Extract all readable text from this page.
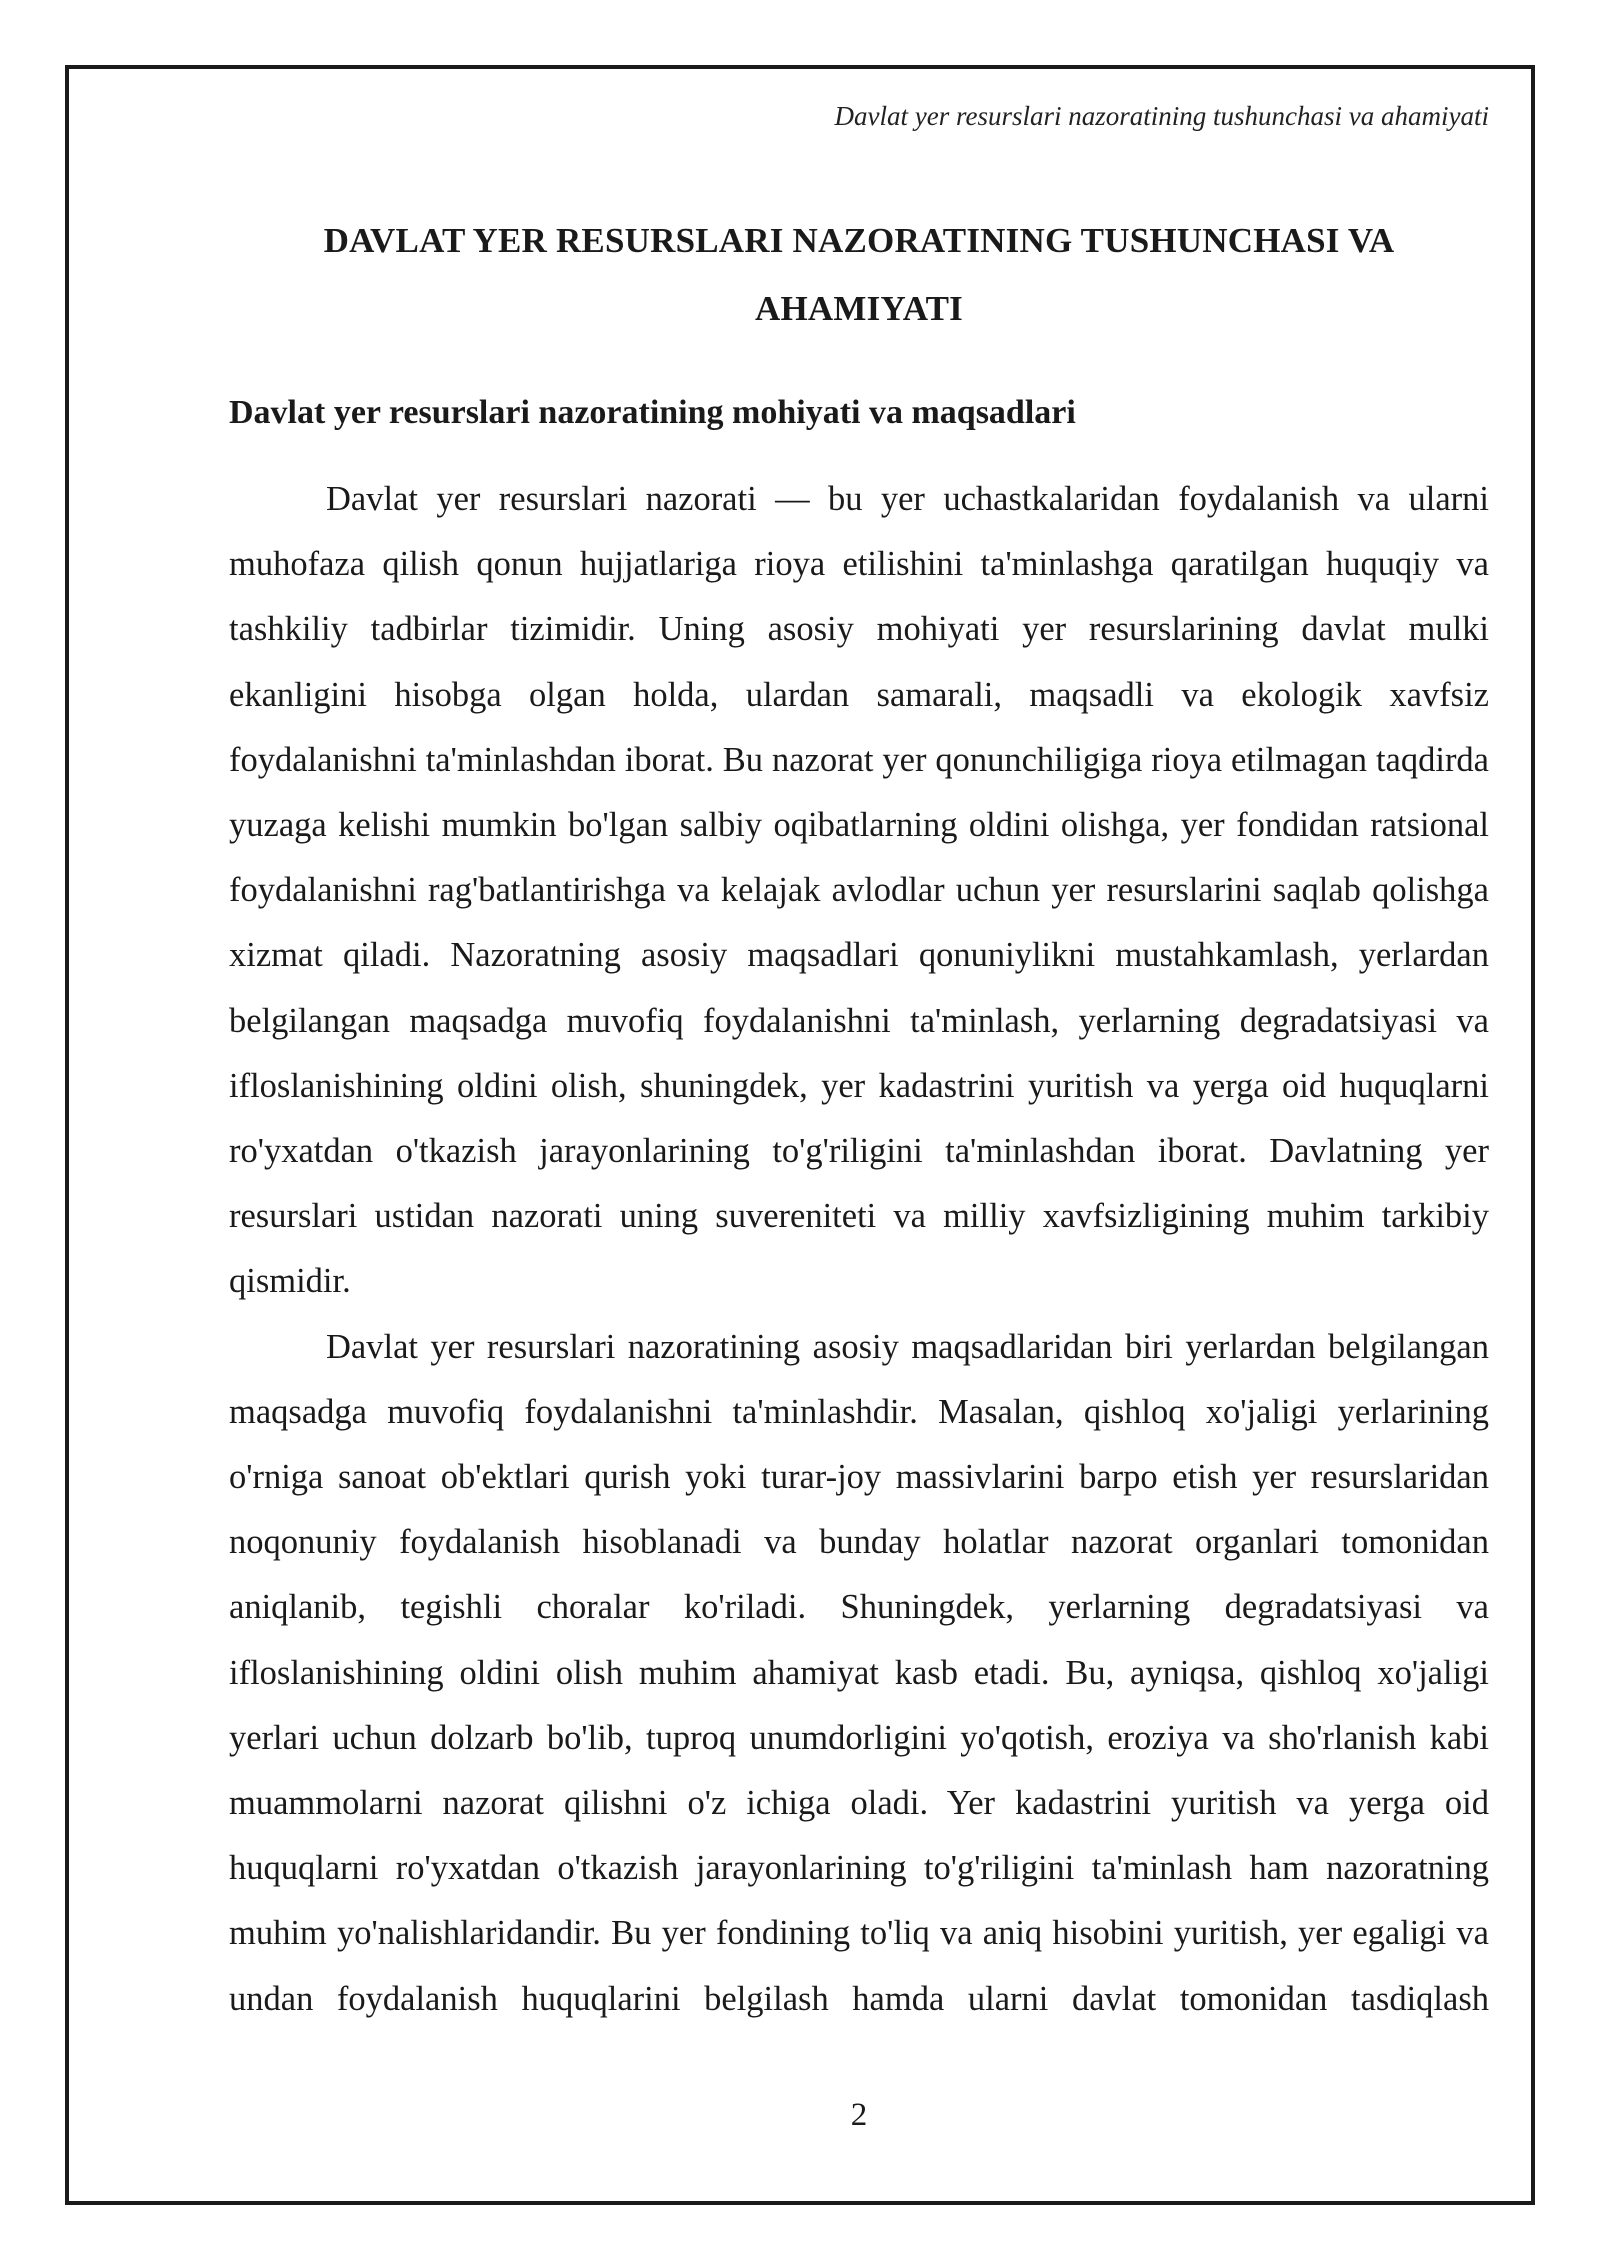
Davlat yer resurslari nazoratining tushunchasi va ahamiyati
DAVLAT YER RESURSLARI NAZORATINING TUSHUNCHASI VA AHAMIYATI
Davlat yer resurslari nazoratining mohiyati va maqsadlari

Davlat yer resurslari nazorati — bu yer uchastkalaridan foydalanish va ularni muhofaza qilish qonun hujjatlariga rioya etilishini ta'minlashga qaratilgan huquqiy va tashkiliy tadbirlar tizimidir. Uning asosiy mohiyati yer resurslarining davlat mulki ekanligini hisobga olgan holda, ulardan samarali, maqsadli va ekologik xavfsiz foydalanishni ta'minlashdan iborat. Bu nazorat yer qonunchiligiga rioya etilmagan taqdirda yuzaga kelishi mumkin bo'lgan salbiy oqibatlarning oldini olishga, yer fondidan ratsional foydalanishni rag'batlantirishga va kelajak avlodlar uchun yer resurslarini saqlab qolishga xizmat qiladi. Nazoratning asosiy maqsadlari qonuniylikni mustahkamlash, yerlardan belgilangan maqsadga muvofiq foydalanishni ta'minlash, yerlarning degradatsiyasi va ifloslanishining oldini olish, shuningdek, yer kadastrini yuritish va yerga oid huquqlarni ro'yxatdan o'tkazish jarayonlarining to'g'riligini ta'minlashdan iborat. Davlatning yer resurslari ustidan nazorati uning suvereniteti va milliy xavfsizligining muhim tarkibiy qismidir.

Davlat yer resurslari nazoratining asosiy maqsadlaridan biri yerlardan belgilangan maqsadga muvofiq foydalanishni ta'minlashdir. Masalan, qishloq xo'jaligi yerlarining o'rniga sanoat ob'ektlari qurish yoki turar-joy massivlarini barpo etish yer resurslaridan noqonuniy foydalanish hisoblanadi va bunday holatlar nazorat organlari tomonidan aniqlanib, tegishli choralar ko'riladi. Shuningdek, yerlarning degradatsiyasi va ifloslanishining oldini olish muhim ahamiyat kasb etadi. Bu, ayniqsa, qishloq xo'jaligi yerlari uchun dolzarb bo'lib, tuproq unumdorligini yo'qotish, eroziya va sho'rlanish kabi muammolarni nazorat qilishni o'z ichiga oladi. Yer kadastrini yuritish va yerga oid huquqlarni ro'yxatdan o'tkazish jarayonlarining to'g'riligini ta'minlash ham nazoratning muhim yo'nalishlaridandir. Bu yer fondining to'liq va aniq hisobini yuritish, yer egaligi va undan foydalanish huquqlarini belgilash hamda ularni davlat tomonidan tasdiqlash

2
